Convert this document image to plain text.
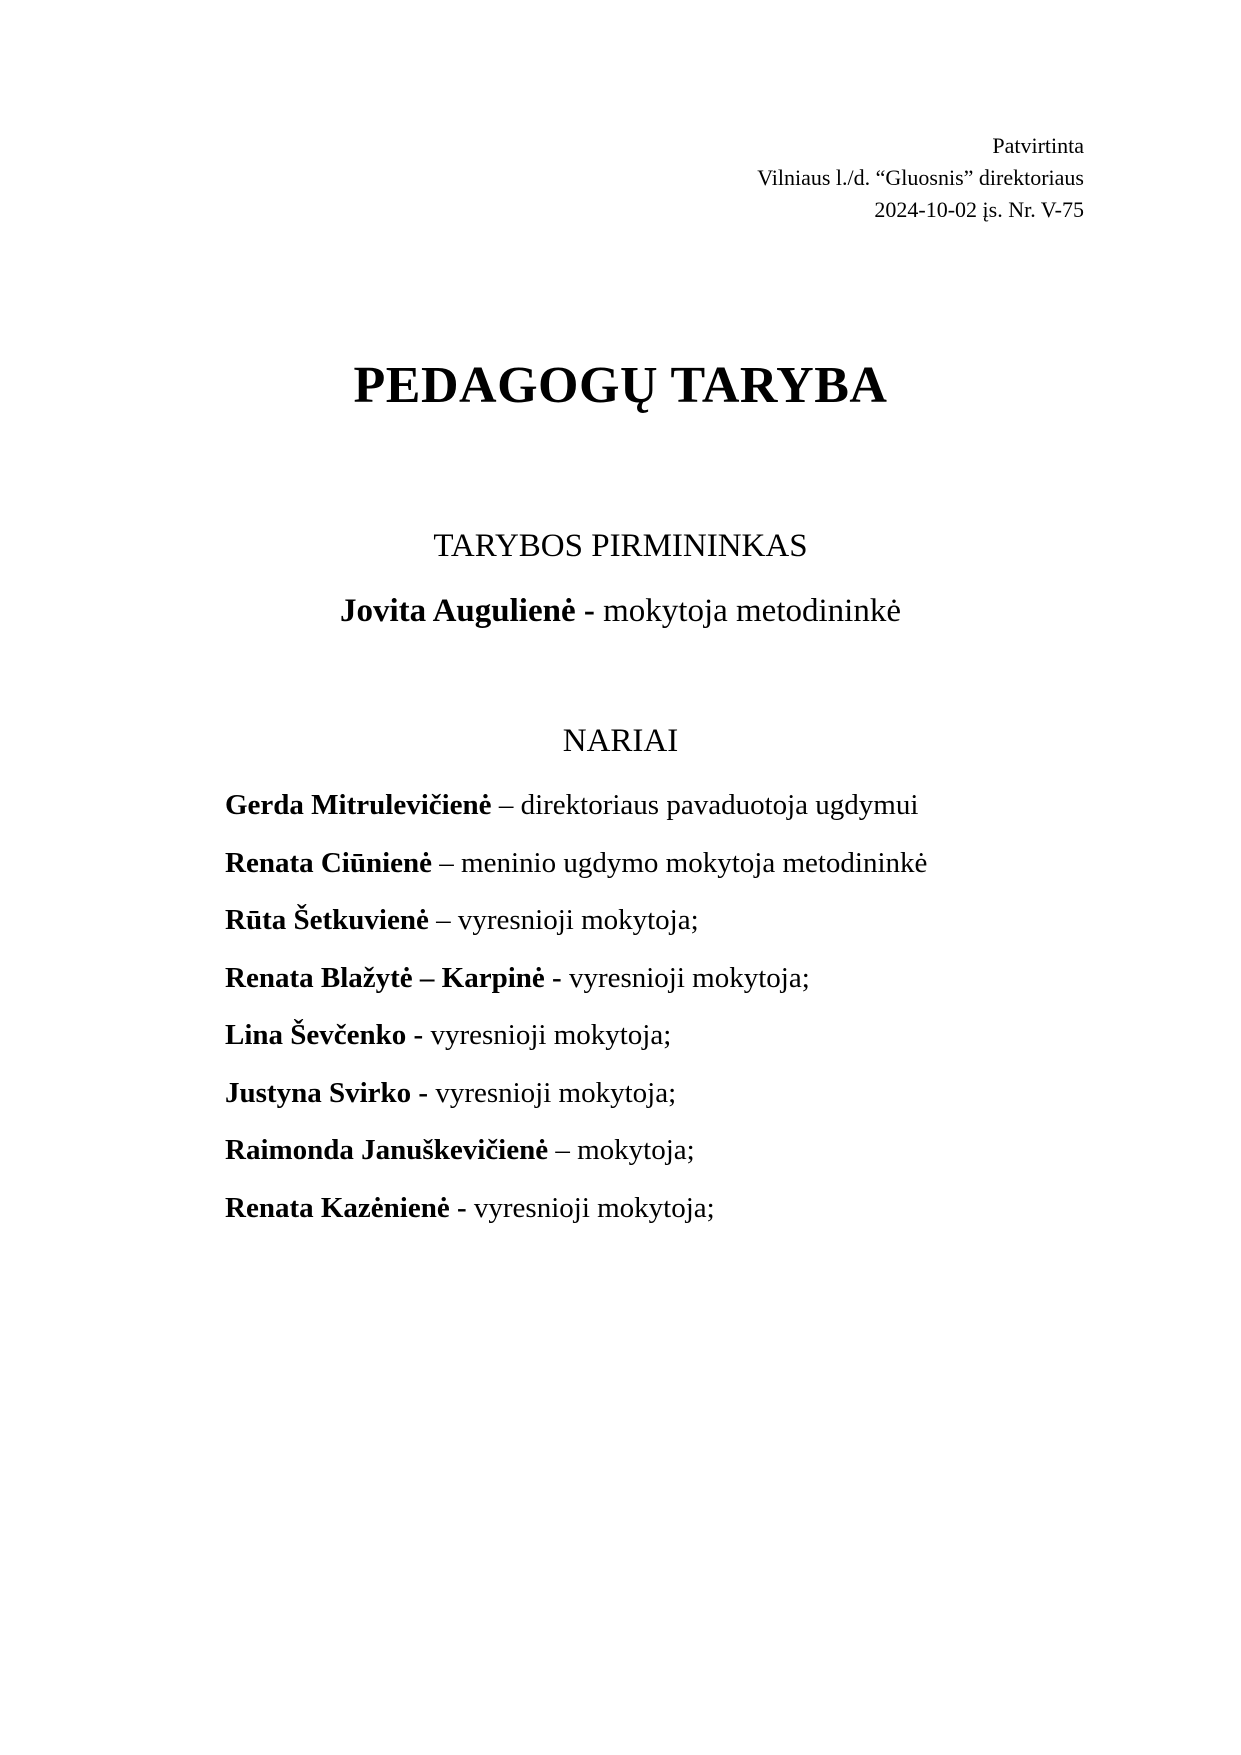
Patvirtinta
Vilniaus l./d. “Gluosnis” direktoriaus
2024-10-02 įs. Nr. V-75
PEDAGOGŲ TARYBA
TARYBOS PIRMININKAS
Jovita Augulienė - mokytoja metodininkė
NARIAI
Gerda Mitrulevičienė – direktoriaus pavaduotoja ugdymui
Renata Ciūnienė – meninio ugdymo mokytoja metodininkė
Rūta Šetkuvienė – vyresnioji mokytoja;
Renata Blažytė – Karpinė - vyresnioji mokytoja;
Lina Ševčenko - vyresnioji mokytoja;
Justyna Svirko - vyresnioji mokytoja;
Raimonda Januškevičienė – mokytoja;
Renata Kazėnienė - vyresnioji mokytoja;
